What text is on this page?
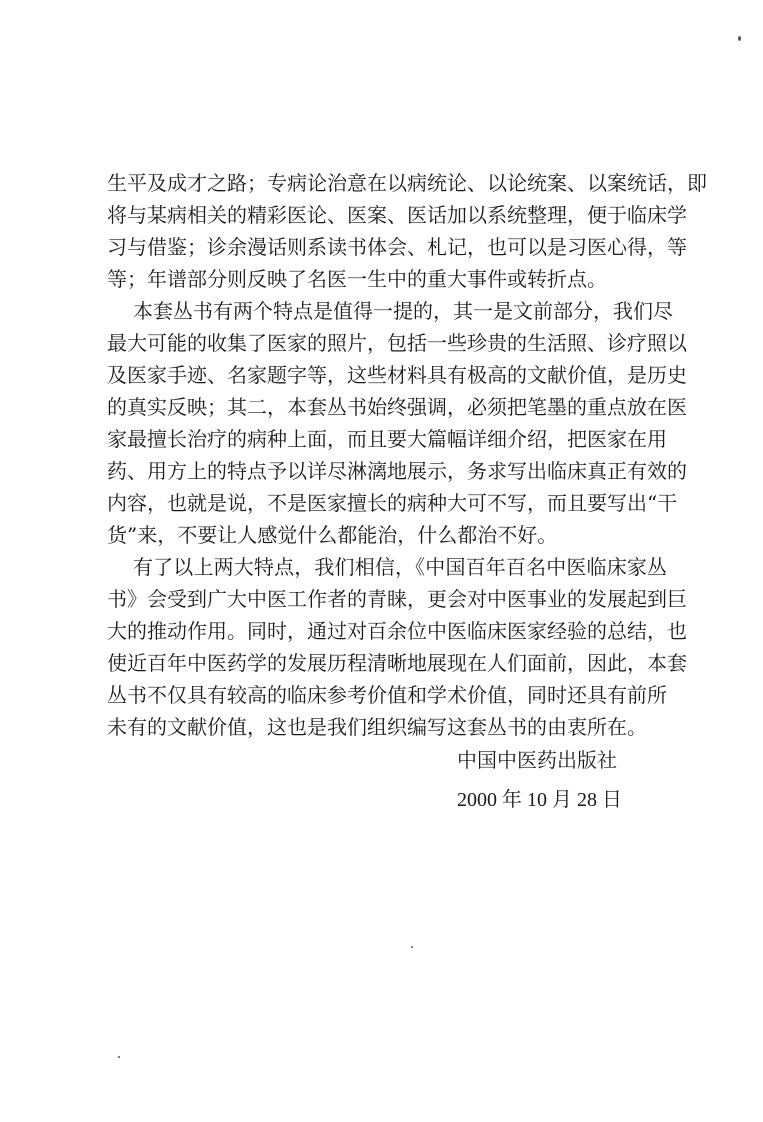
生平及成才之路；专病论治意在以病统论、以论统案、以案统话，即
将与某病相关的精彩医论、医案、医话加以系统整理，便于临床学
习与借鉴；诊余漫话则系读书体会、札记，也可以是习医心得，等
等；年谱部分则反映了名医一生中的重大事件或转折点。
本套丛书有两个特点是值得一提的，其一是文前部分，我们尽
最大可能的收集了医家的照片，包括一些珍贵的生活照、诊疗照以
及医家手迹、名家题字等，这些材料具有极高的文献价值，是历史
的真实反映；其二，本套丛书始终强调，必须把笔墨的重点放在医
家最擅长治疗的病种上面，而且要大篇幅详细介绍，把医家在用
药、用方上的特点予以详尽淋漓地展示，务求写出临床真正有效的
内容，也就是说，不是医家擅长的病种大可不写，而且要写出“干
货”来，不要让人感觉什么都能治，什么都治不好。
有了以上两大特点，我们相信，《中国百年百名中医临床家丛
书》会受到广大中医工作者的青睐，更会对中医事业的发展起到巨
大的推动作用。同时，通过对百余位中医临床医家经验的总结，也
使近百年中医药学的发展历程清晰地展现在人们面前，因此，本套
丛书不仅具有较高的临床参考价值和学术价值，同时还具有前所
未有的文献价值，这也是我们组织编写这套丛书的由衷所在。
中国中医药出版社
2000 年 10 月 28 日
